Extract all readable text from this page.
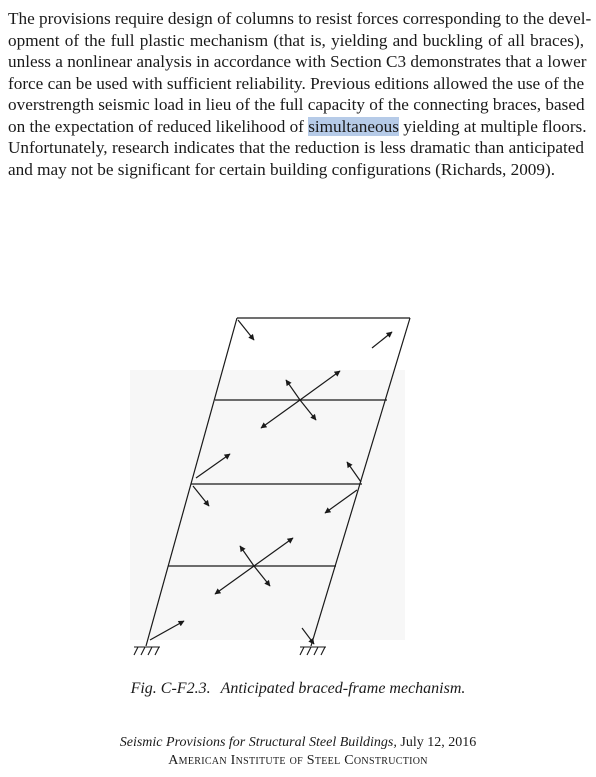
The provisions require design of columns to resist forces corresponding to the devel-
opment of the full plastic mechanism (that is, yielding and buckling of all braces),
unless a nonlinear analysis in accordance with Section C3 demonstrates that a lower
force can be used with sufficient reliability. Previous editions allowed the use of the
overstrength seismic load in lieu of the full capacity of the connecting braces, based
on the expectation of reduced likelihood of simultaneous yielding at multiple floors.
Unfortunately, research indicates that the reduction is less dramatic than anticipated
and may not be significant for certain building configurations (Richards, 2009).

Fig. C-F2.3. Anticipated braced-frame mechanism.

Seismic Provisions for Structural Steel Buildings, July 12, 2016
American Institute of Steel Construction
